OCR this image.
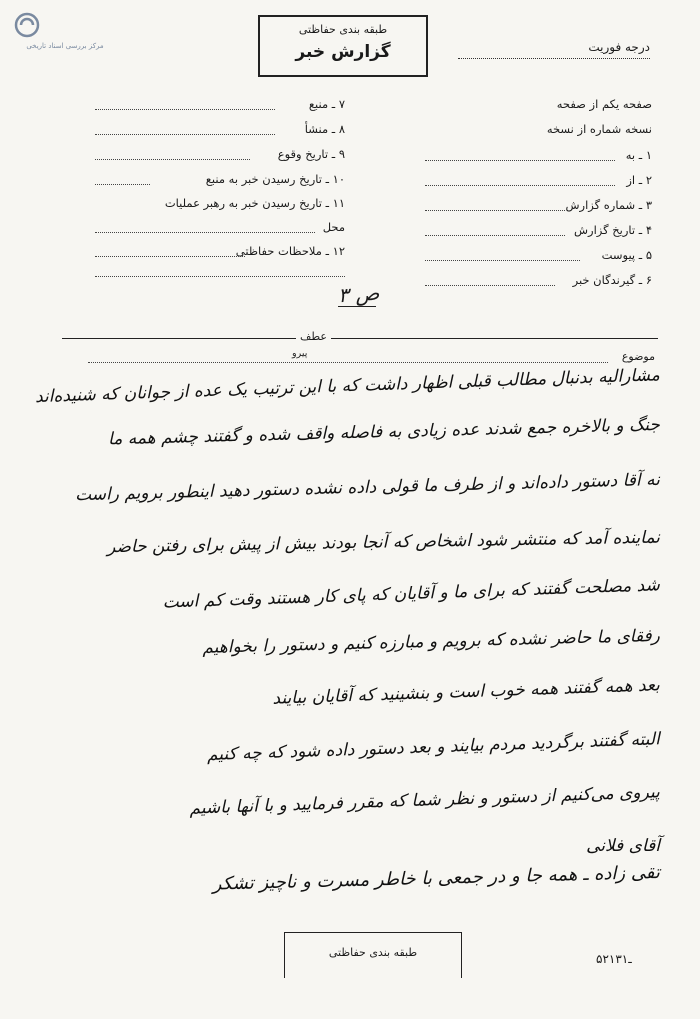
مرکز بررسی اسناد تاریخی
طبقه بندی حفاظتی
گزارش خبر	درجه فوریت
صفحه یکم از صفحه
نسخه شماره از نسخه
۱ ـ به
۲ ـ از
۳ ـ شماره گزارش
۴ ـ تاریخ گزارش
۵ ـ پیوست
۶ ـ گیرندگان خبر
۷ ـ منبع
۸ ـ منشأ
۹ ـ تاریخ وقوع
۱۰ ـ تاریخ رسیدن خبر به منبع
۱۱ ـ تاریخ رسیدن خبر به رهبر عملیات
محل
۱۲ ـ ملاحظات حفاظتی
ص ۳
عطف
پیرو	موضوع
مشارالیه بدنبال مطالب قبلی اظهار داشت که با این ترتیب یک عده از جوانان که شنیده‌اند
جنگ و بالاخره جمع شدند عده زیادی به فاصله واقف شده و گفتند چشم همه ما
نه آقا دستور داده‌اند و از طرف ما قولی داده نشده دستور دهید اینطور برویم راست
نماینده آمد که منتشر شود اشخاص که آنجا بودند بیش از پیش برای رفتن حاضر
شد مصلحت گفتند که برای ما و آقایان که پای کار هستند وقت کم است
رفقای ما حاضر نشده که برویم و مبارزه کنیم و دستور را بخواهیم
بعد همه گفتند همه خوب است و بنشینید که آقایان بیایند
البته گفتند برگردید مردم بیایند و بعد دستور داده شود که چه کنیم
پیروی می‌کنیم از دستور و نظر شما که مقرر فرمایید و با آنها باشیم
آقای فلانی
تقی زاده ـ همه جا و در جمعی با خاطر مسرت و ناچیز تشکر
طبقه بندی حفاظتی	۵۲ـ۱۳۱
